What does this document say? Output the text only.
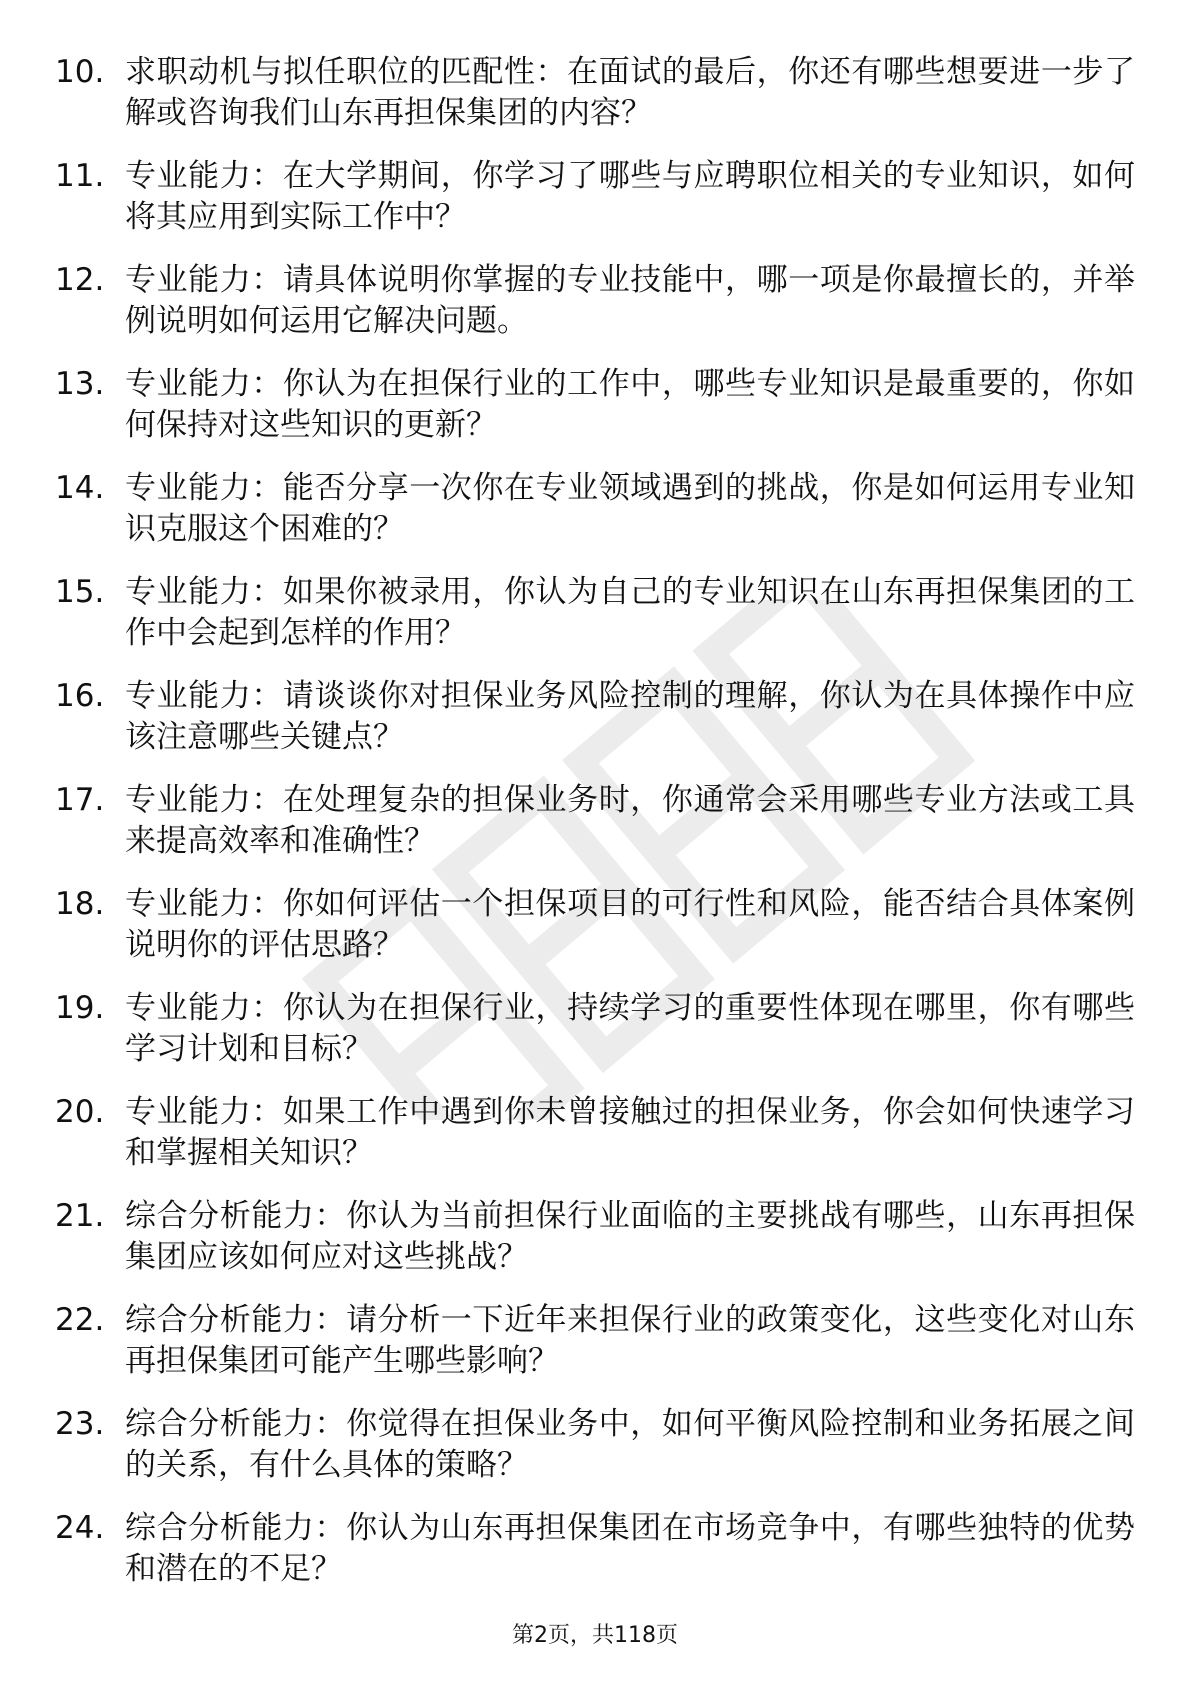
10. 求职动机与拟任职位的匹配性：在面试的最后，你还有哪些想要进一步了解或咨询我们山东再担保集团的内容？
11. 专业能力：在大学期间，你学习了哪些与应聘职位相关的专业知识，如何将其应用到实际工作中？
12. 专业能力：请具体说明你掌握的专业技能中，哪一项是你最擅长的，并举例说明如何运用它解决问题。
13. 专业能力：你认为在担保行业的工作中，哪些专业知识是最重要的，你如何保持对这些知识的更新？
14. 专业能力：能否分享一次你在专业领域遇到的挑战，你是如何运用专业知识克服这个困难的？
15. 专业能力：如果你被录用，你认为自己的专业知识在山东再担保集团的工作中会起到怎样的作用？
16. 专业能力：请谈谈你对担保业务风险控制的理解，你认为在具体操作中应该注意哪些关键点？
17. 专业能力：在处理复杂的担保业务时，你通常会采用哪些专业方法或工具来提高效率和准确性？
18. 专业能力：你如何评估一个担保项目的可行性和风险，能否结合具体案例说明你的评估思路？
19. 专业能力：你认为在担保行业，持续学习的重要性体现在哪里，你有哪些学习计划和目标？
20. 专业能力：如果工作中遇到你未曾接触过的担保业务，你会如何快速学习和掌握相关知识？
21. 综合分析能力：你认为当前担保行业面临的主要挑战有哪些，山东再担保集团应该如何应对这些挑战？
22. 综合分析能力：请分析一下近年来担保行业的政策变化，这些变化对山东再担保集团可能产生哪些影响？
23. 综合分析能力：你觉得在担保业务中，如何平衡风险控制和业务拓展之间的关系，有什么具体的策略？
24. 综合分析能力：你认为山东再担保集团在市场竞争中，有哪些独特的优势和潜在的不足？
第2页，共118页
